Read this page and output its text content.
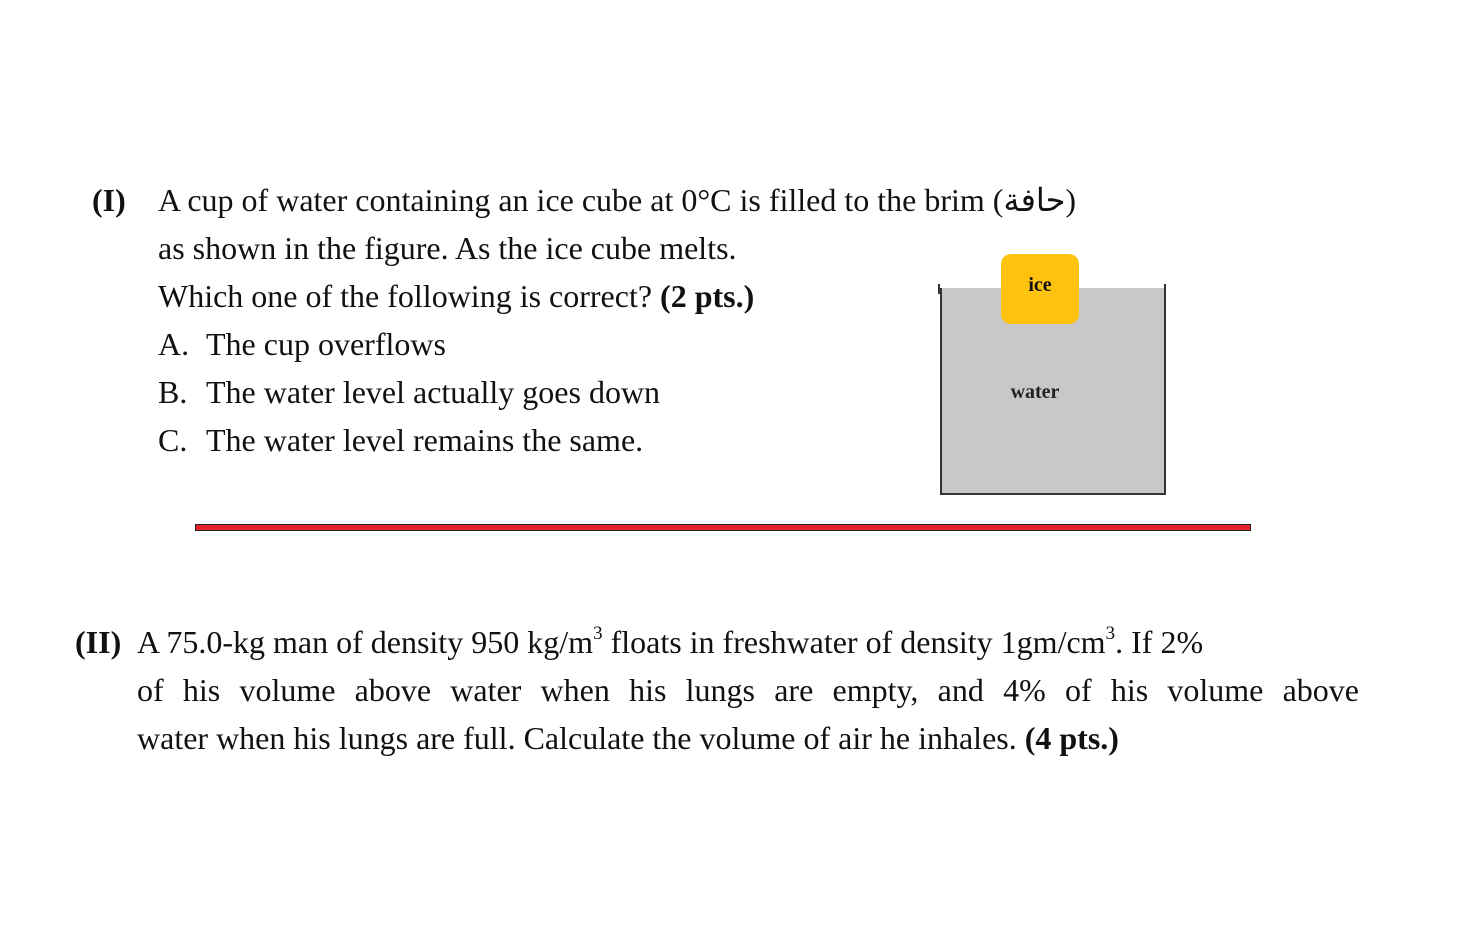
(I) A cup of water containing an ice cube at 0°C is filled to the brim (حافة)
as shown in the figure. As the ice cube melts.
Which one of the following is correct? (2 pts.)
A. The cup overflows
B. The water level actually goes down
C. The water level remains the same.
ice
water
(II) A 75.0-kg man of density 950 $kg/m^3$ floats in freshwater of density $1gm/cm^3$. If 2%
of his volume above water when his lungs are empty, and 4% of his volume above
water when his lungs are full. Calculate the volume of air he inhales. (4 pts.)
